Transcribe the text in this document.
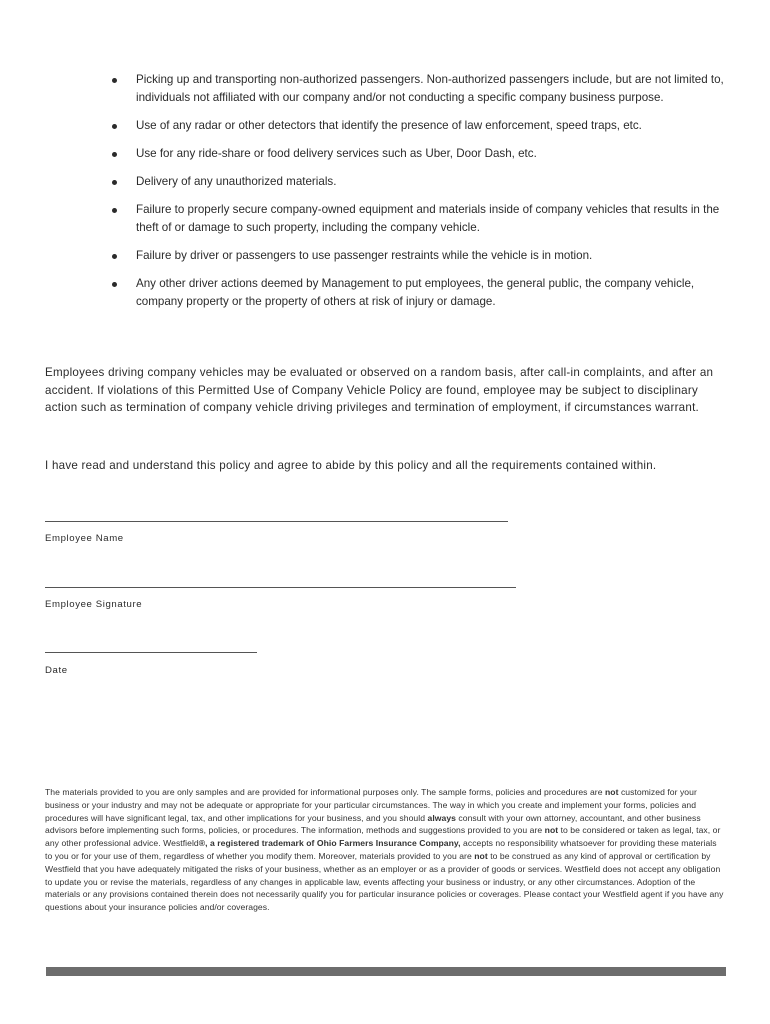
Picking up and transporting non-authorized passengers. Non-authorized passengers include, but are not limited to, individuals not affiliated with our company and/or not conducting a specific company business purpose.
Use of any radar or other detectors that identify the presence of law enforcement, speed traps, etc.
Use for any ride-share or food delivery services such as Uber, Door Dash, etc.
Delivery of any unauthorized materials.
Failure to properly secure company-owned equipment and materials inside of company vehicles that results in the theft of or damage to such property, including the company vehicle.
Failure by driver or passengers to use passenger restraints while the vehicle is in motion.
Any other driver actions deemed by Management to put employees, the general public, the company vehicle, company property or the property of others at risk of injury or damage.

Employees driving company vehicles may be evaluated or observed on a random basis, after call-in complaints, and after an accident. If violations of this Permitted Use of Company Vehicle Policy are found, employee may be subject to disciplinary action such as termination of company vehicle driving privileges and termination of employment, if circumstances warrant.

I have read and understand this policy and agree to abide by this policy and all the requirements contained within.

Employee Name
Employee Signature
Date

The materials provided to you are only samples and are provided for informational purposes only. The sample forms, policies and procedures are not customized for your business or your industry and may not be adequate or appropriate for your particular circumstances. The way in which you create and implement your forms, policies and procedures will have significant legal, tax, and other implications for your business, and you should always consult with your own attorney, accountant, and other business advisors before implementing such forms, policies, or procedures. The information, methods and suggestions provided to you are not to be considered or taken as legal, tax, or any other professional advice. Westfield®, a registered trademark of Ohio Farmers Insurance Company, accepts no responsibility whatsoever for providing these materials to you or for your use of them, regardless of whether you modify them. Moreover, materials provided to you are not to be construed as any kind of approval or certification by Westfield that you have adequately mitigated the risks of your business, whether as an employer or as a provider of goods or services. Westfield does not accept any obligation to update you or revise the materials, regardless of any changes in applicable law, events affecting your business or industry, or any other circumstances. Adoption of the materials or any provisions contained therein does not necessarily qualify you for particular insurance policies or coverages. Please contact your Westfield agent if you have any questions about your insurance policies and/or coverages.
